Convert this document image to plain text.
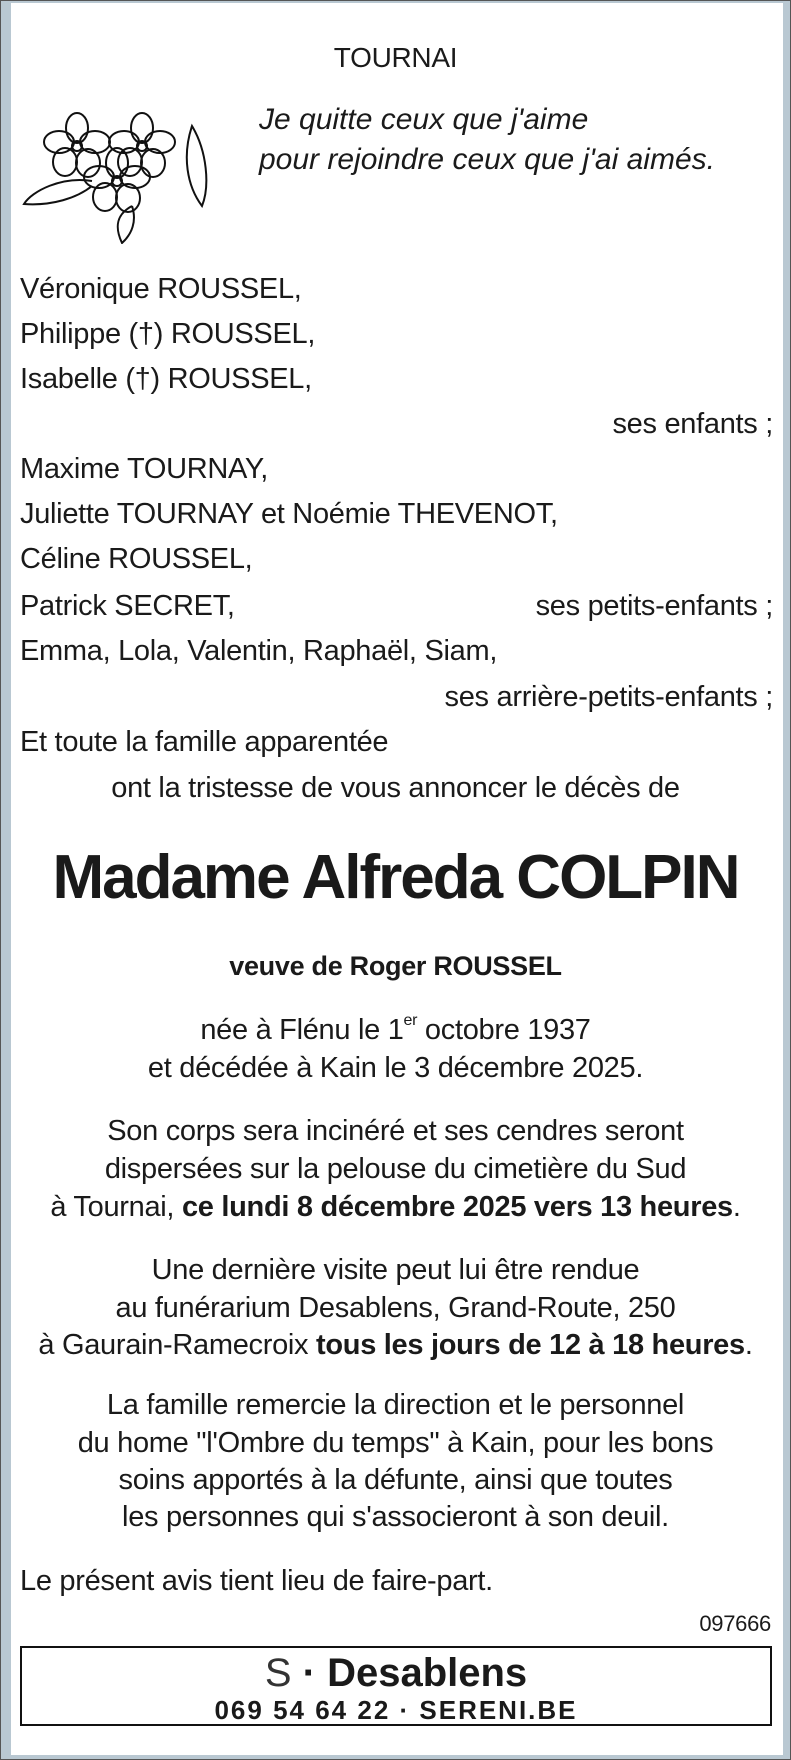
TOURNAI
Je quitte ceux que j'aime
pour rejoindre ceux que j'ai aimés.
Véronique ROUSSEL,
Philippe (†) ROUSSEL,
Isabelle (†) ROUSSEL,
ses enfants ;
Maxime TOURNAY,
Juliette TOURNAY et Noémie THEVENOT,
Céline ROUSSEL,
Patrick SECRET,	ses petits-enfants ;
Emma, Lola, Valentin, Raphaël, Siam,
ses arrière-petits-enfants ;
Et toute la famille apparentée
ont la tristesse de vous annoncer le décès de
Madame Alfreda COLPIN
veuve de Roger ROUSSEL
née à Flénu le 1er octobre 1937
et décédée à Kain le 3 décembre 2025.
Son corps sera incinéré et ses cendres seront
dispersées sur la pelouse du cimetière du Sud
à Tournai, ce lundi 8 décembre 2025 vers 13 heures.
Une dernière visite peut lui être rendue
au funérarium Desablens, Grand-Route, 250
à Gaurain-Ramecroix tous les jours de 12 à 18 heures.
La famille remercie la direction et le personnel
du home "l'Ombre du temps" à Kain, pour les bons
soins apportés à la défunte, ainsi que toutes
les personnes qui s'associeront à son deuil.
Le présent avis tient lieu de faire-part.
097666
S · Desablens
069 54 64 22 · SERENI.BE
